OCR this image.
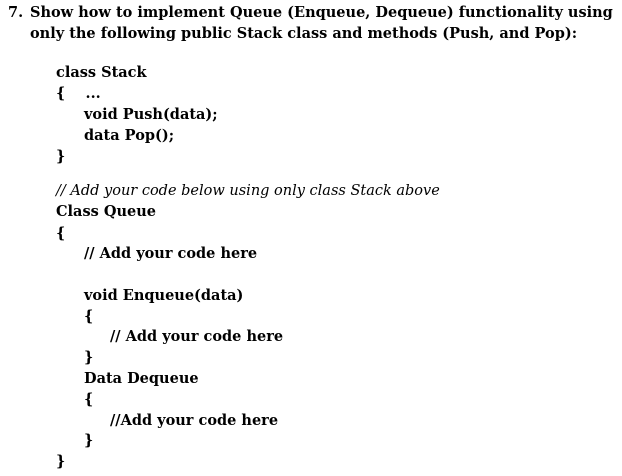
7. Show how to implement Queue (Enqueue, Dequeue) functionality using only the following public Stack class and methods (Push, and Pop):
class Stack
{    ...
void Push(data);
data Pop();
}
// Add your code below using only class Stack above
Class Queue
{
// Add your code here
void Enqueue(data)
{
// Add your code here
}
Data Dequeue
{
//Add your code here
}
}
